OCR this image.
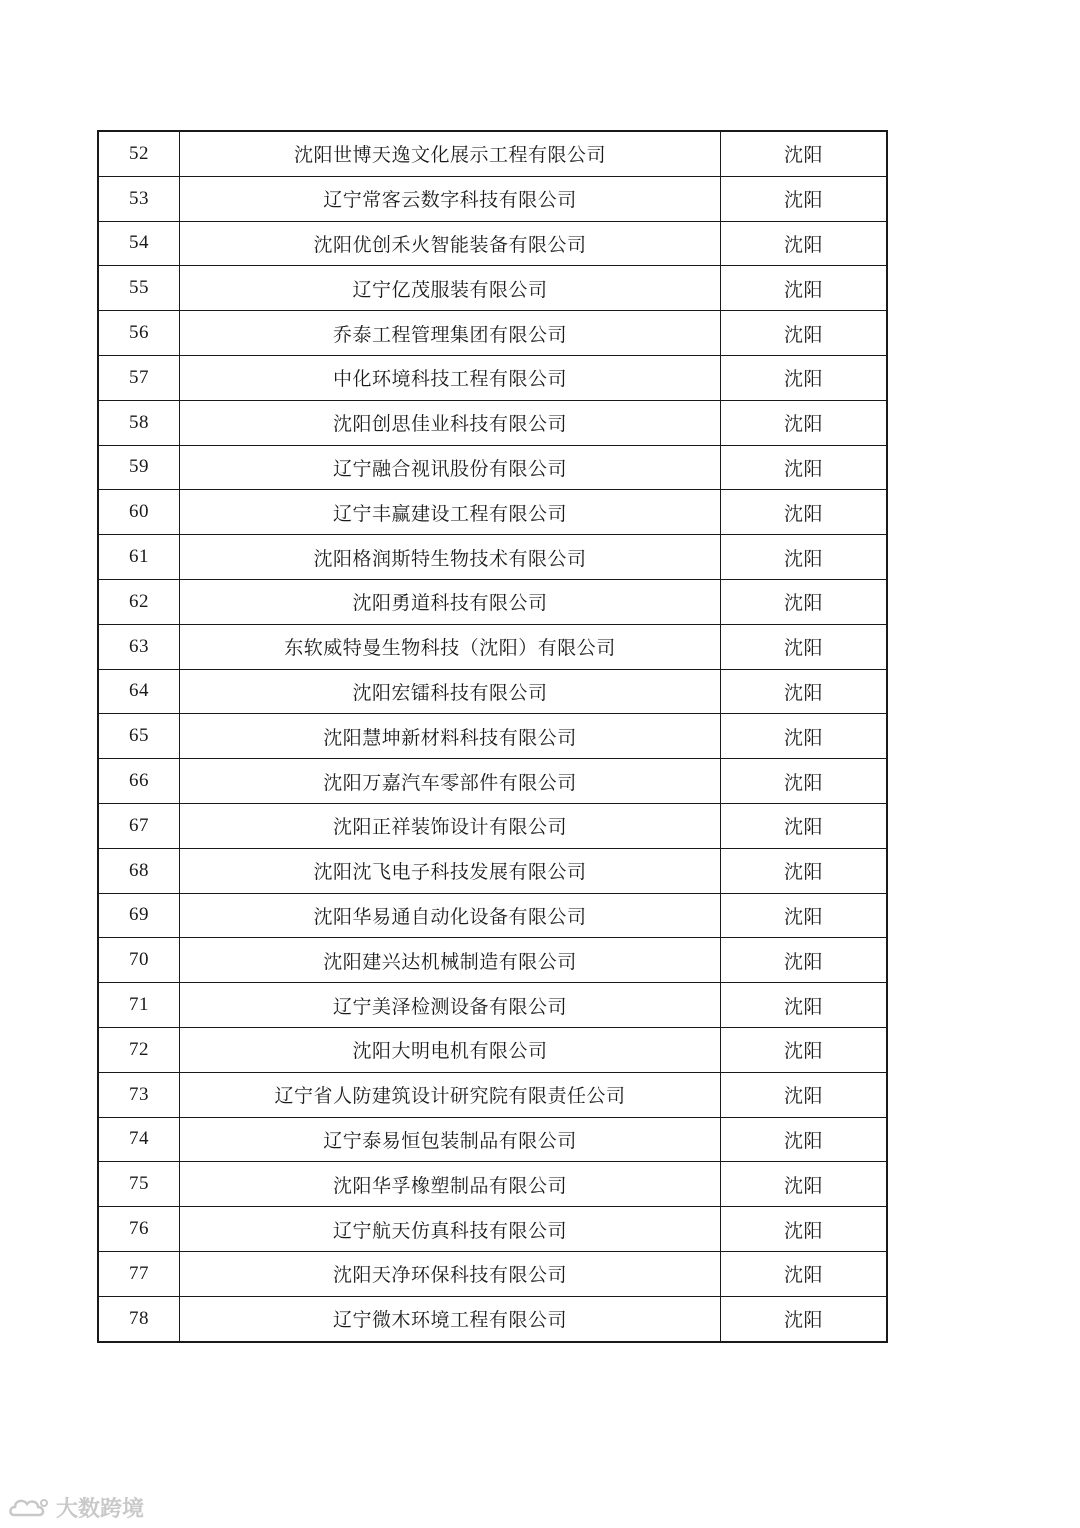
52	沈阳世博天逸文化展示工程有限公司	沈阳
53	辽宁常客云数字科技有限公司	沈阳
54	沈阳优创禾火智能装备有限公司	沈阳
55	辽宁亿茂服装有限公司	沈阳
56	乔泰工程管理集团有限公司	沈阳
57	中化环境科技工程有限公司	沈阳
58	沈阳创思佳业科技有限公司	沈阳
59	辽宁融合视讯股份有限公司	沈阳
60	辽宁丰赢建设工程有限公司	沈阳
61	沈阳格润斯特生物技术有限公司	沈阳
62	沈阳勇道科技有限公司	沈阳
63	东软威特曼生物科技（沈阳）有限公司	沈阳
64	沈阳宏镭科技有限公司	沈阳
65	沈阳慧坤新材料科技有限公司	沈阳
66	沈阳万嘉汽车零部件有限公司	沈阳
67	沈阳正祥装饰设计有限公司	沈阳
68	沈阳沈飞电子科技发展有限公司	沈阳
69	沈阳华易通自动化设备有限公司	沈阳
70	沈阳建兴达机械制造有限公司	沈阳
71	辽宁美泽检测设备有限公司	沈阳
72	沈阳大明电机有限公司	沈阳
73	辽宁省人防建筑设计研究院有限责任公司	沈阳
74	辽宁泰易恒包装制品有限公司	沈阳
75	沈阳华孚橡塑制品有限公司	沈阳
76	辽宁航天仿真科技有限公司	沈阳
77	沈阳天净环保科技有限公司	沈阳
78	辽宁微木环境工程有限公司	沈阳
大数跨境
